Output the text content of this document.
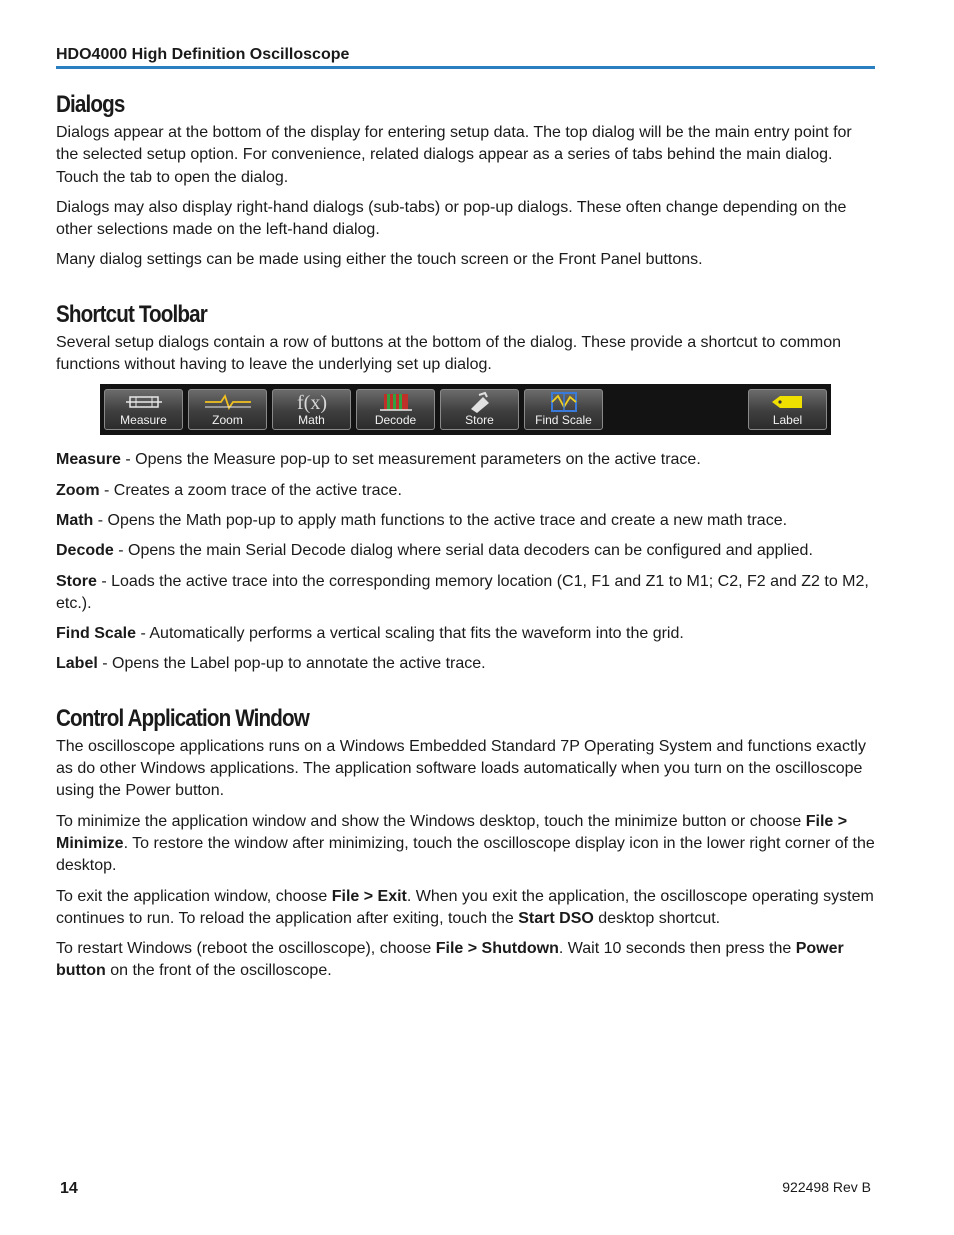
HDO4000 High Definition Oscilloscope
Dialogs

Dialogs appear at the bottom of the display for entering setup data. The top dialog will be the main entry point for the selected setup option. For convenience, related dialogs appear as a series of tabs behind the main dialog. Touch the tab to open the dialog.

Dialogs may also display right-hand dialogs (sub-tabs) or pop-up dialogs. These often change depending on the other selections made on the left-hand dialog.

Many dialog settings can be made using either the touch screen or the Front Panel buttons.

Shortcut Toolbar

Several setup dialogs contain a row of buttons at the bottom of the dialog. These provide a shortcut to common functions without having to leave the underlying set up dialog.

Measure	Zoom
f(x)
Math	Decode	Store	Find Scale	Label

Measure - Opens the Measure pop-up to set measurement parameters on the active trace.

Zoom - Creates a zoom trace of the active trace.

Math - Opens the Math pop-up to apply math functions to the active trace and create a new math trace.

Decode - Opens the main Serial Decode dialog where serial data decoders can be configured and applied.

Store - Loads the active trace into the corresponding memory location (C1, F1 and Z1 to M1; C2, F2 and Z2 to M2, etc.).

Find Scale - Automatically performs a vertical scaling that fits the waveform into the grid.

Label - Opens the Label pop-up to annotate the active trace.

Control Application Window

The oscilloscope applications runs on a Windows Embedded Standard 7P Operating System and functions exactly as do other Windows applications. The application software loads automatically when you turn on the oscilloscope using the Power button.

To minimize the application window and show the Windows desktop, touch the minimize button or choose File > Minimize. To restore the window after minimizing, touch the oscilloscope display icon in the lower right corner of the desktop.

To exit the application window, choose File > Exit. When you exit the application, the oscilloscope operating system continues to run. To reload the application after exiting, touch the Start DSO desktop shortcut.

To restart Windows (reboot the oscilloscope), choose File > Shutdown. Wait 10 seconds then press the Power button on the front of the oscilloscope.

14	922498 Rev B
